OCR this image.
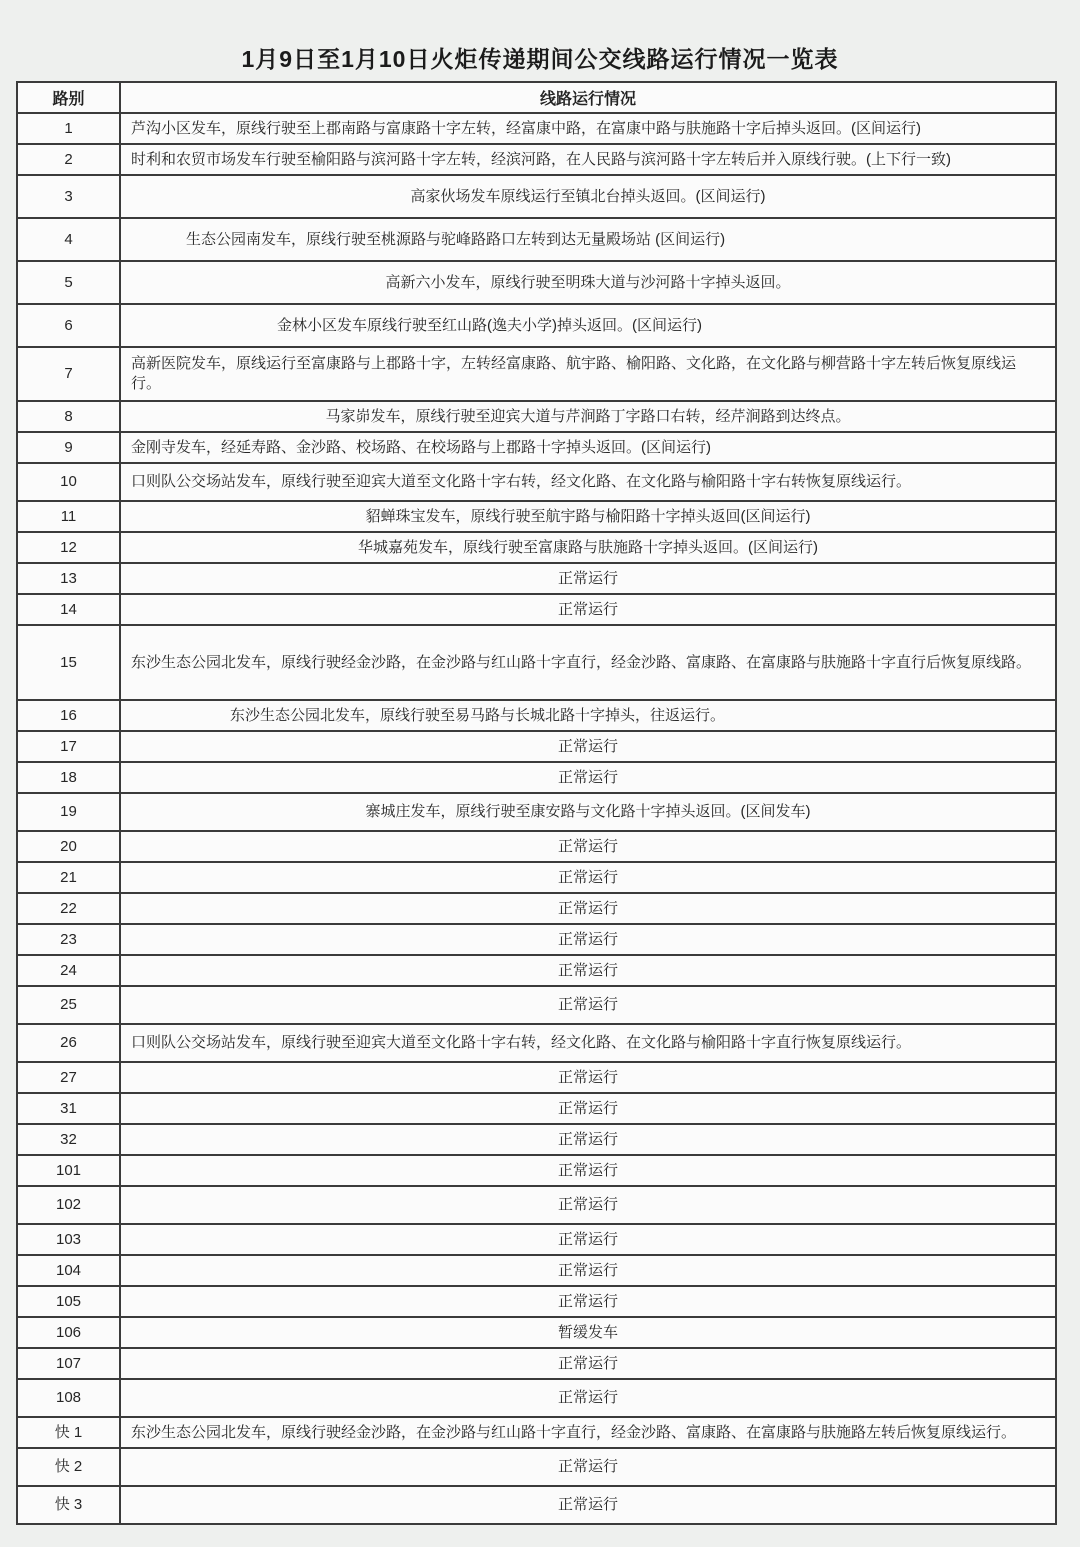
1月9日至1月10日火炬传递期间公交线路运行情况一览表
路别	线路运行情况
1	芦沟小区发车，原线行驶至上郡南路与富康路十字左转，经富康中路，在富康中路与肤施路十字后掉头返回。(区间运行)
2	时利和农贸市场发车行驶至榆阳路与滨河路十字左转，经滨河路，在人民路与滨河路十字左转后并入原线行驶。(上下行一致)
3	高家伙场发车原线运行至镇北台掉头返回。(区间运行)
4	生态公园南发车，原线行驶至桃源路与驼峰路路口左转到达无量殿场站 (区间运行)
5	高新六小发车，原线行驶至明珠大道与沙河路十字掉头返回。
6	金林小区发车原线行驶至红山路(逸夫小学)掉头返回。(区间运行)
7	高新医院发车，原线运行至富康路与上郡路十字，左转经富康路、航宇路、榆阳路、文化路，在文化路与柳营路十字左转后恢复原线运行。
8	马家峁发车，原线行驶至迎宾大道与芹涧路丁字路口右转，经芹涧路到达终点。
9	金刚寺发车，经延寿路、金沙路、校场路、在校场路与上郡路十字掉头返回。(区间运行)
10	口则队公交场站发车，原线行驶至迎宾大道至文化路十字右转，经文化路、在文化路与榆阳路十字右转恢复原线运行。
11	貂蝉珠宝发车，原线行驶至航宇路与榆阳路十字掉头返回(区间运行)
12	华城嘉苑发车，原线行驶至富康路与肤施路十字掉头返回。(区间运行)
13	正常运行
14	正常运行
15	东沙生态公园北发车，原线行驶经金沙路，在金沙路与红山路十字直行，经金沙路、富康路、在富康路与肤施路十字直行后恢复原线路。
16	东沙生态公园北发车，原线行驶至易马路与长城北路十字掉头，往返运行。
17	正常运行
18	正常运行
19	寨城庄发车，原线行驶至康安路与文化路十字掉头返回。(区间发车)
20	正常运行
21	正常运行
22	正常运行
23	正常运行
24	正常运行
25	正常运行
26	口则队公交场站发车，原线行驶至迎宾大道至文化路十字右转，经文化路、在文化路与榆阳路十字直行恢复原线运行。
27	正常运行
31	正常运行
32	正常运行
101	正常运行
102	正常运行
103	正常运行
104	正常运行
105	正常运行
106	暂缓发车
107	正常运行
108	正常运行
快 1	东沙生态公园北发车，原线行驶经金沙路，在金沙路与红山路十字直行，经金沙路、富康路、在富康路与肤施路左转后恢复原线运行。
快 2	正常运行
快 3	正常运行
